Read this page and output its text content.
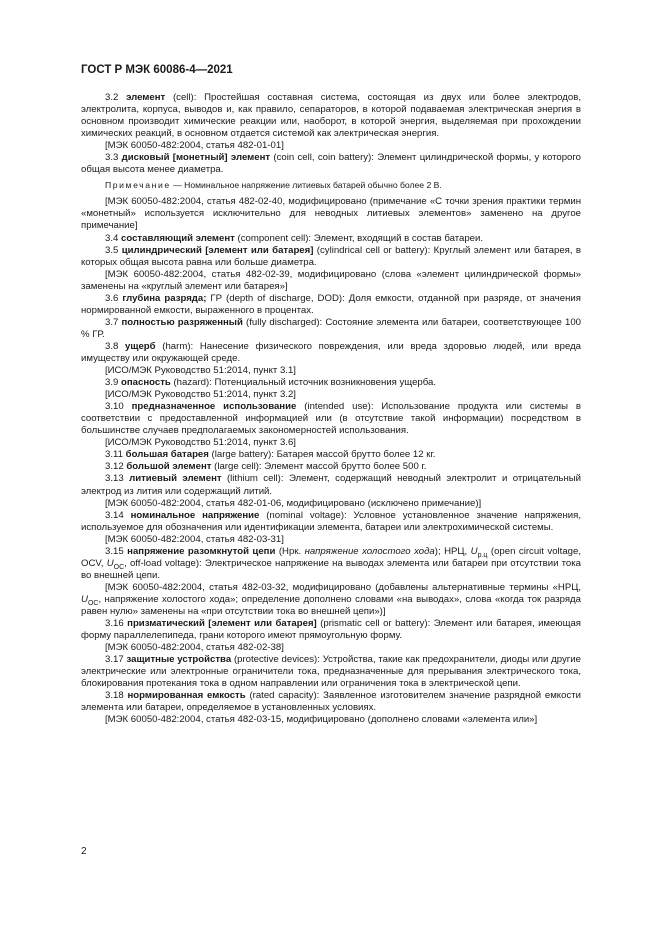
ГОСТ Р МЭК 60086-4—2021

3.2 элемент (cell): Простейшая составная система, состоящая из двух или более электродов, электролита, корпуса, выводов и, как правило, сепараторов, в которой подаваемая электрическая энергия в основном производит химические реакции или, наоборот, в которой энергия, выделяемая при прохождении химических реакций, в основном отдается системой как электрическая энергия.

[МЭК 60050-482:2004, статья 482-01-01]

3.3 дисковый [монетный] элемент (coin cell, coin battery): Элемент цилиндрической формы, у которого общая высота менее диаметра.

Примечание — Номинальное напряжение литиевых батарей обычно более 2 В.

[МЭК 60050-482:2004, статья 482-02-40, модифицировано (примечание «С точки зрения практики термин «монетный» используется исключительно для неводных литиевых элементов» заменено на другое примечание]

3.4 составляющий элемент (component cell): Элемент, входящий в состав батареи.

3.5 цилиндрический [элемент или батарея] (cylindrical cell or battery): Круглый элемент или батарея, в которых общая высота равна или больше диаметра.

[МЭК 60050-482:2004, статья 482-02-39, модифицировано (слова «элемент цилиндрической формы» заменены на «круглый элемент или батарея»]

3.6 глубина разряда; ГР (depth of discharge, DOD): Доля емкости, отданной при разряде, от значения нормированной емкости, выраженного в процентах.

3.7 полностью разряженный (fully discharged): Состояние элемента или батареи, соответствующее 100 % ГР.

3.8 ущерб (harm): Нанесение физического повреждения, или вреда здоровью людей, или вреда имуществу или окружающей среде.

[ИСО/МЭК Руководство 51:2014, пункт 3.1]

3.9 опасность (hazard): Потенциальный источник возникновения ущерба.

[ИСО/МЭК Руководство 51:2014, пункт 3.2]

3.10 предназначенное использование (intended use): Использование продукта или системы в соответствии с предоставленной информацией или (в отсутствие такой информации) посредством в большинстве случаев предполагаемых закономерностей использования.

[ИСО/МЭК Руководство 51:2014, пункт 3.6]

3.11 большая батарея (large battery): Батарея массой брутто более 12 кг.

3.12 большой элемент (large cell): Элемент массой брутто более 500 г.

3.13 литиевый элемент (lithium cell): Элемент, содержащий неводный электролит и отрицательный электрод из лития или содержащий литий.

[МЭК 60050-482:2004, статья 482-01-06, модифицировано (исключено примечание)]

3.14 номинальное напряжение (nominal voltage): Условное установленное значение напряжения, используемое для обозначения или идентификации элемента, батареи или электрохимической системы.

[МЭК 60050-482:2004, статья 482-03-31]

3.15 напряжение разомкнутой цепи (Нрк. напряжение холостого хода); НРЦ, $U_{р.ц}$ (open circuit voltage, OCV, $U_{OC}$, off-load voltage): Электрическое напряжение на выводах элемента или батареи при отсутствии тока во внешней цепи.

[МЭК 60050-482:2004, статья 482-03-32, модифицировано (добавлены альтернативные термины «НРЦ, $U_{OC}$, напряжение холостого хода»; определение дополнено словами «на выводах», слова «когда ток разряда равен нулю» заменены на «при отсутствии тока во внешней цепи»)]

3.16 призматический [элемент или батарея] (prismatic cell or battery): Элемент или батарея, имеющая форму параллелепипеда, грани которого имеют прямоугольную форму.

[МЭК 60050-482:2004, статья 482-02-38]

3.17 защитные устройства (protective devices): Устройства, такие как предохранители, диоды или другие электрические или электронные ограничители тока, предназначенные для прерывания электрического тока, блокирования протекания тока в одном направлении или ограничения тока в электрической цепи.

3.18 нормированная емкость (rated capacity): Заявленное изготовителем значение разрядной емкости элемента или батареи, определяемое в установленных условиях.

[МЭК 60050-482:2004, статья 482-03-15, модифицировано (дополнено словами «элемента или»]

2
